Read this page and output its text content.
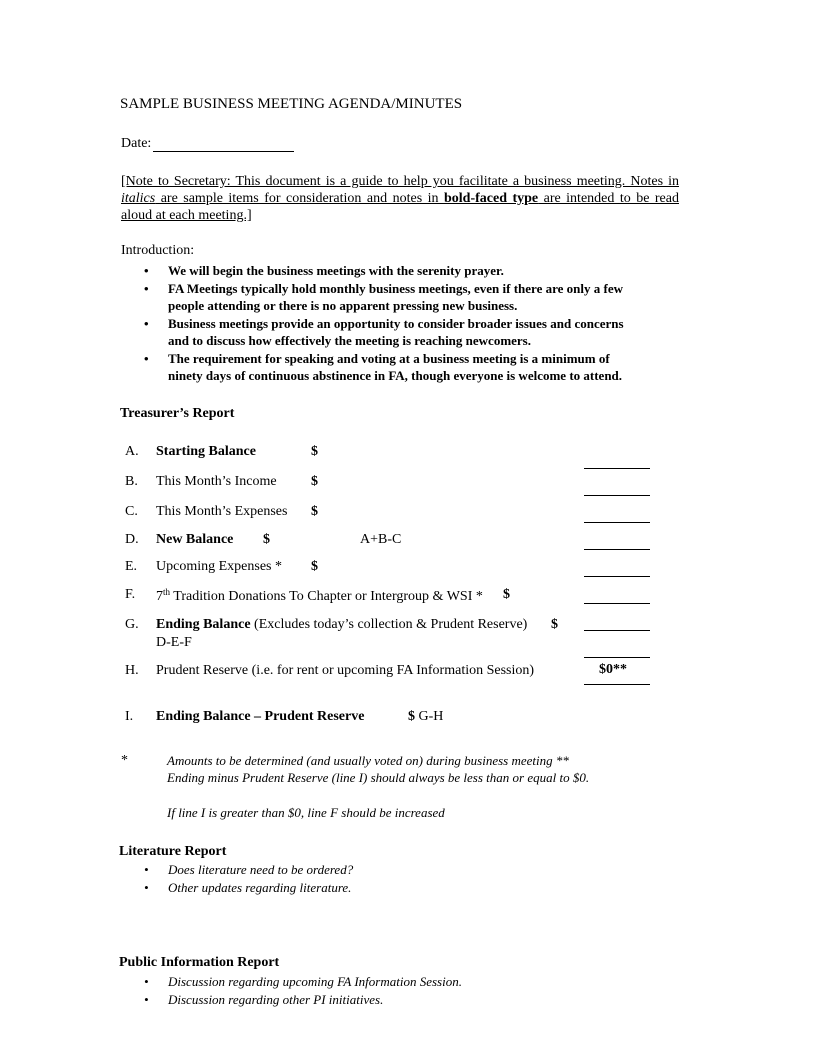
SAMPLE BUSINESS MEETING AGENDA/MINUTES
Date:
[Note to Secretary: This document is a guide to help you facilitate a business meeting. Notes in
italics are sample items for consideration and notes in bold-faced type are intended to be read
aloud at each meeting.]
Introduction:
• We will begin the business meetings with the serenity prayer.
• FA Meetings typically hold monthly business meetings, even if there are only a few
people attending or there is no apparent pressing new business.
• Business meetings provide an opportunity to consider broader issues and concerns
and to discuss how effectively the meeting is reaching newcomers.
• The requirement for speaking and voting at a business meeting is a minimum of
ninety days of continuous abstinence in FA, though everyone is welcome to attend.
Treasurer’s Report
A. Starting Balance	$
B. This Month’s Income $
C. This Month’s Expenses $
D. New Balance $	A+B-C
E. Upcoming Expenses * $
F. 7th Tradition Donations To Chapter or Intergroup & WSI * $
G. Ending Balance (Excludes today’s collection & Prudent Reserve) $
D-E-F
H. Prudent Reserve (i.e. for rent or upcoming FA Information Session)	$0**
I. Ending Balance – Prudent Reserve	$ G-H
*	Amounts to be determined (and usually voted on) during business meeting **
Ending minus Prudent Reserve (line I) should always be less than or equal to $0.
If line I is greater than $0, line F should be increased
Literature Report
• Does literature need to be ordered?
• Other updates regarding literature.
Public Information Report
• Discussion regarding upcoming FA Information Session.
• Discussion regarding other PI initiatives.
